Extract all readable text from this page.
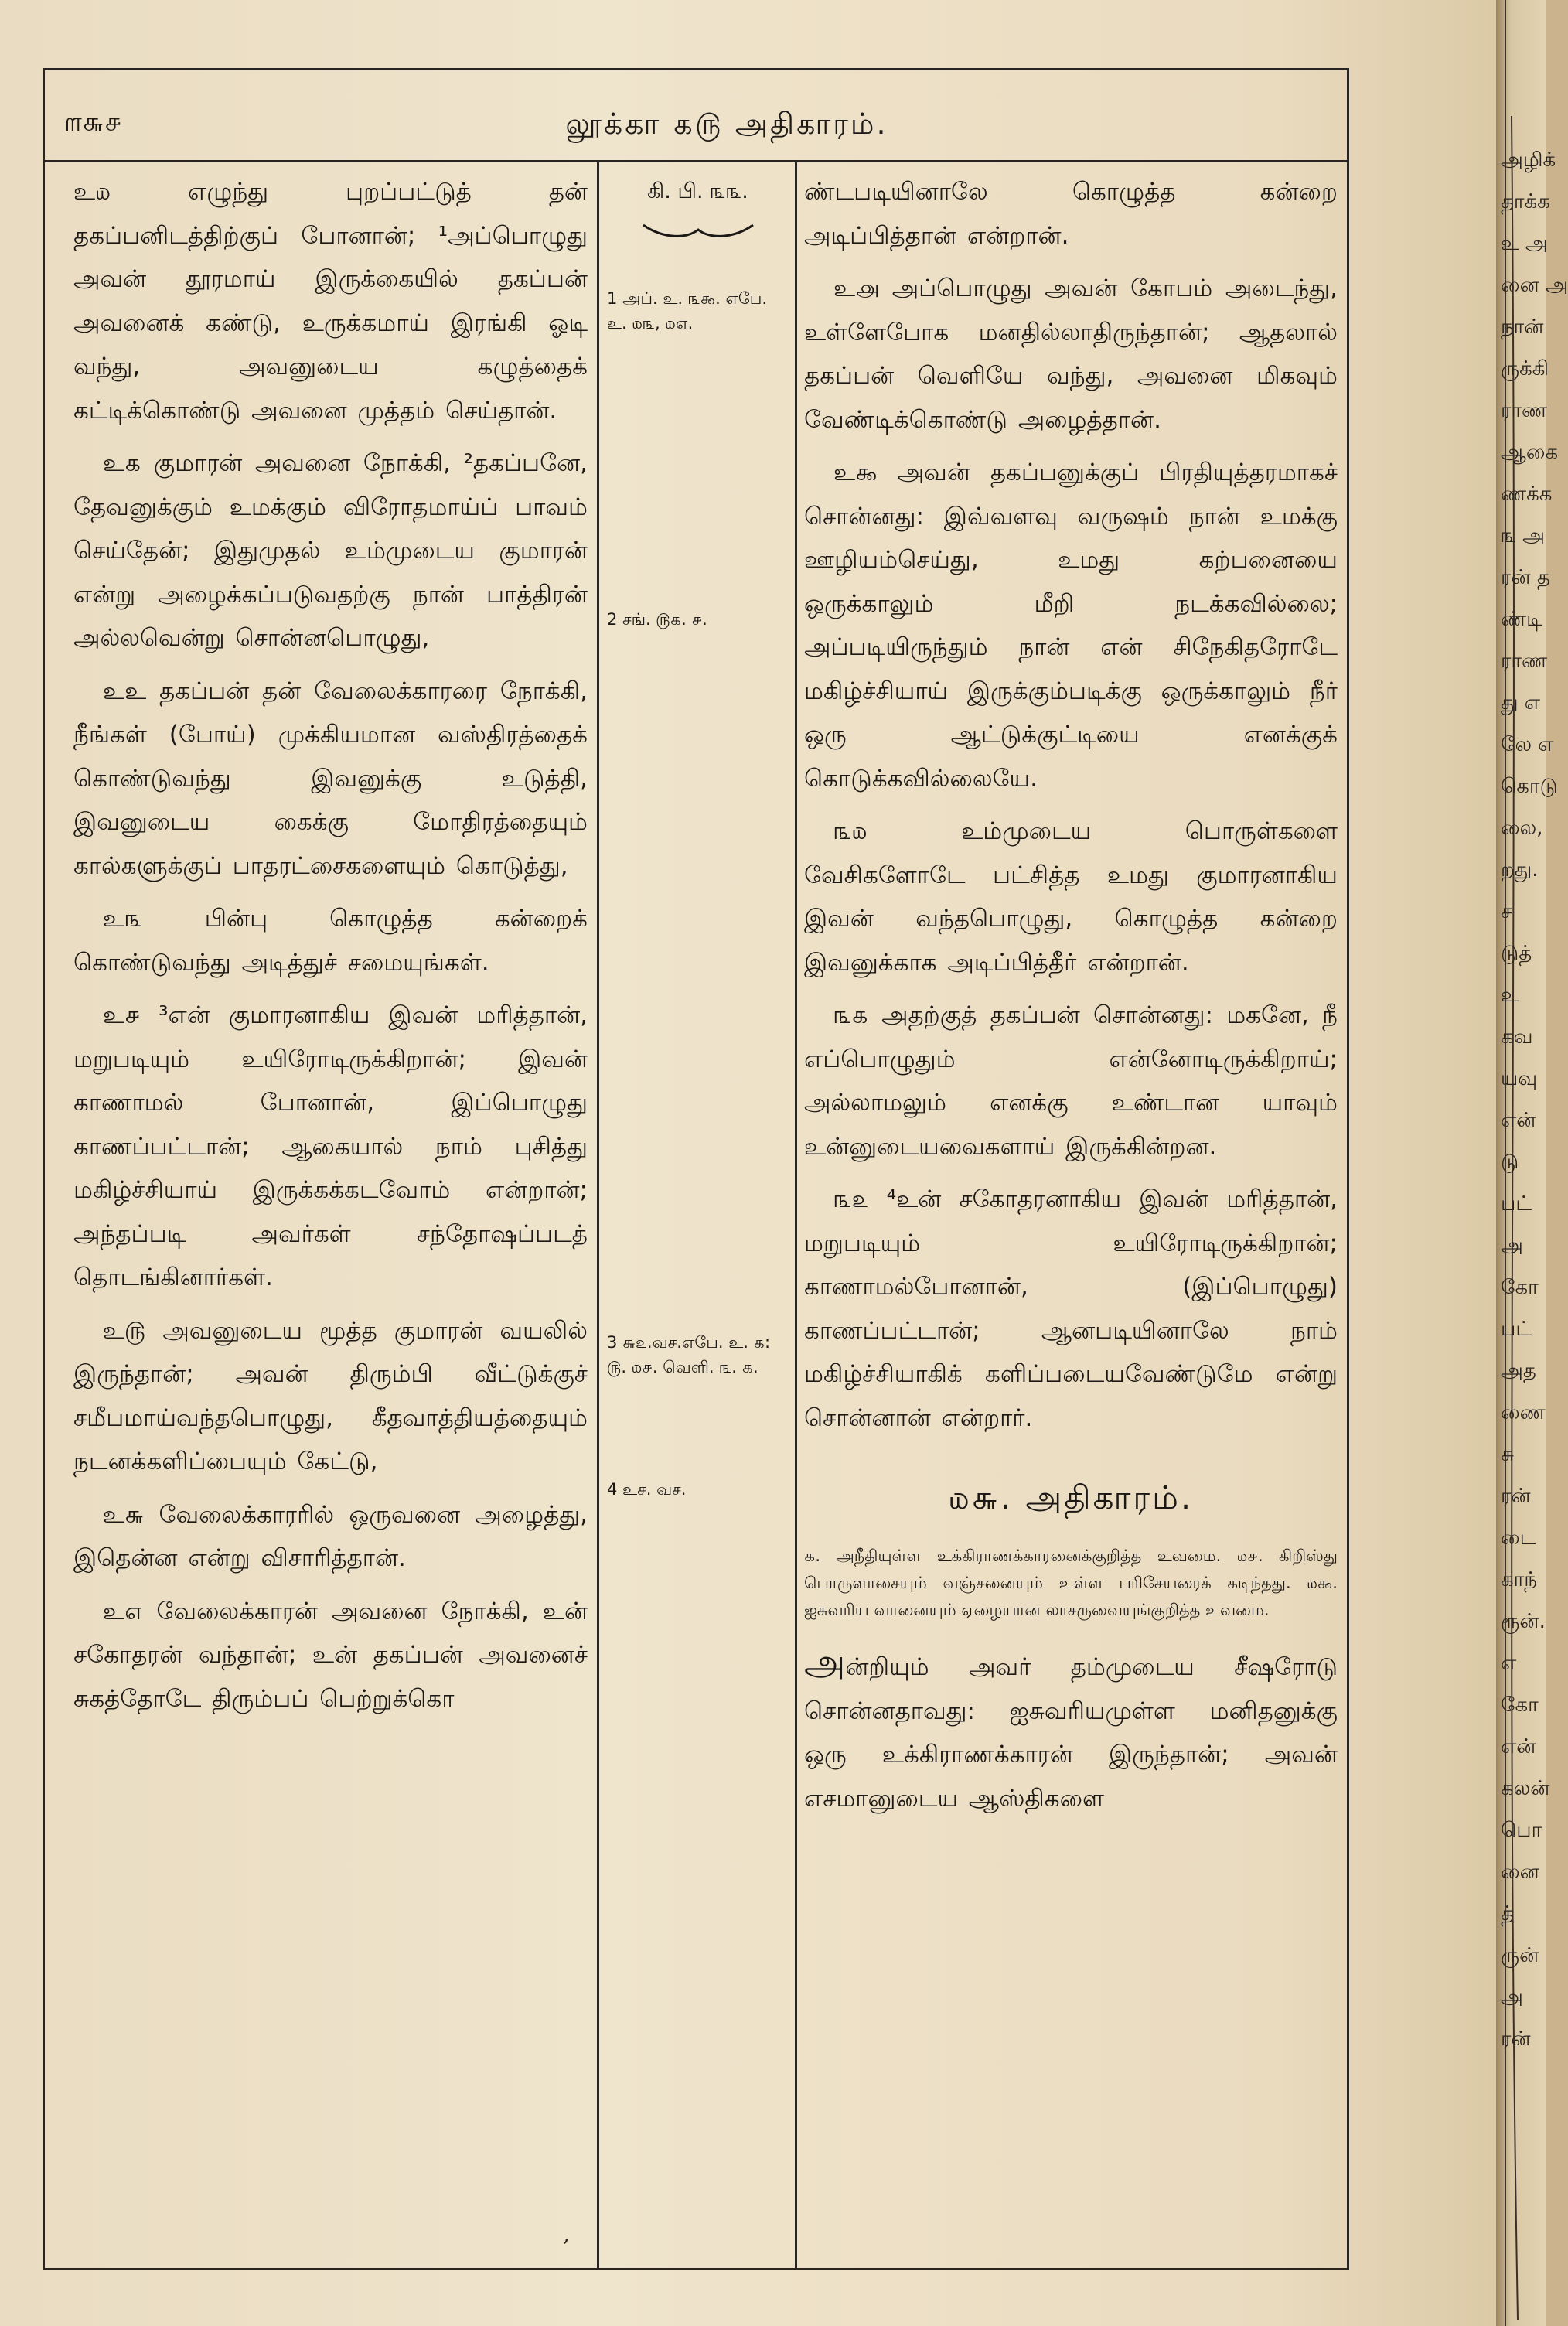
௱௬௪	லூக்கா ௧௫ அதிகாரம்.

உ௰ எழுந்து புறப்பட்டுத் தன் தகப்பனிடத்திற்குப் போனான்; ¹அப்பொழுது அவன் தூரமாய் இருக்கையில் தகப்பன் அவனைக் கண்டு, உருக்கமாய் இரங்கி ஓடி வந்து, அவனுடைய கழுத்தைக் கட்டிக்கொண்டு அவனை முத்தம் செய்தான்.

உ௧ குமாரன் அவனை நோக்கி, ²தகப்பனே, தேவனுக்கும் உமக்கும் விரோதமாய்ப் பாவம் செய்தேன்; இதுமுதல் உம்முடைய குமாரன் என்று அழைக்கப்படுவதற்கு நான் பாத்திரன் அல்லவென்று சொன்னபொழுது,

உஉ தகப்பன் தன் வேலைக்காரரை நோக்கி, நீங்கள் (போய்) முக்கியமான வஸ்திரத்தைக் கொண்டுவந்து இவனுக்கு உடுத்தி, இவனுடைய கைக்கு மோதிரத்தையும் கால்களுக்குப் பாதரட்சைகளையும் கொடுத்து,

உ௩ பின்பு கொழுத்த கன்றைக் கொண்டுவந்து அடித்துச் சமையுங்கள்.

உ௪ ³என் குமாரனாகிய இவன் மரித்தான், மறுபடியும் உயிரோடிருக்கிறான்; இவன் காணாமல் போனான், இப்பொழுது காணப்பட்டான்; ஆகையால் நாம் புசித்து மகிழ்ச்சியாய் இருக்கக்கடவோம் என்றான்; அந்தப்படி அவர்கள் சந்தோஷப்படத் தொடங்கினார்கள்.

உ௫ அவனுடைய மூத்த குமாரன் வயலில் இருந்தான்; அவன் திரும்பி வீட்டுக்குச் சமீபமாய்வந்தபொழுது, கீதவாத்தியத்தையும் நடனக்களிப்பையும் கேட்டு,

உ௬ வேலைக்காரரில் ஒருவனை அழைத்து, இதென்ன என்று விசாரித்தான்.

உ௭ வேலைக்காரன் அவனை நோக்கி, உன் சகோதரன் வந்தான்; உன் தகப்பன் அவனைச் சுகத்தோடே திரும்பப் பெற்றுக்கொ

கி. பி. ௩௩.
1 அப். உ. ௩௯. எபே. உ. ௰௩, ௰௭.
2 சங். ௫௧. ௪.
3 ௬௨.வச.எபே. உ. ௧: ௫. ௰௪. வெளி. ௩. ௧.
4 உச. வச.

ண்டபடியினாலே கொழுத்த கன்றை அடிப்பித்தான் என்றான்.

உ௮ அப்பொழுது அவன் கோபம் அடைந்து, உள்ளேபோக மனதில்லாதிருந்தான்; ஆதலால் தகப்பன் வெளியே வந்து, அவனை மிகவும் வேண்டிக்கொண்டு அழைத்தான்.

உ௯ அவன் தகப்பனுக்குப் பிரதியுத்தரமாகச் சொன்னது: இவ்வளவு வருஷம் நான் உமக்கு ஊழியம்செய்து, உமது கற்பனையை ஒருக்காலும் மீறி நடக்கவில்லை; அப்படியிருந்தும் நான் என் சிநேகிதரோடே மகிழ்ச்சியாய் இருக்கும்படிக்கு ஒருக்காலும் நீர் ஒரு ஆட்டுக்குட்டியை எனக்குக் கொடுக்கவில்லையே.

௩௰ உம்முடைய பொருள்களை வேசிகளோடே பட்சித்த உமது குமாரனாகிய இவன் வந்தபொழுது, கொழுத்த கன்றை இவனுக்காக அடிப்பித்தீர் என்றான்.

௩௧ அதற்குத் தகப்பன் சொன்னது: மகனே, நீ எப்பொழுதும் என்னோடிருக்கிறாய்; அல்லாமலும் எனக்கு உண்டான யாவும் உன்னுடையவைகளாய் இருக்கின்றன.

௩௨ ⁴உன் சகோதரனாகிய இவன் மரித்தான், மறுபடியும் உயிரோடிருக்கிறான்; காணாமல்போனான், (இப்பொழுது) காணப்பட்டான்; ஆனபடியினாலே நாம் மகிழ்ச்சியாகிக் களிப்படையவேண்டுமே என்று சொன்னான் என்றார்.

௰௬. அதிகாரம்.

௧. அநீதியுள்ள உக்கிராணக்காரனைக்குறித்த உவமை. ௰௪. கிறிஸ்து பொருளாசையும் வஞ்சனையும் உள்ள பரிசேயரைக் கடிந்தது. ௰௯. ஐசுவரிய வானையும் ஏழையான லாசருவையுங்குறித்த உவமை.

அன்றியும் அவர் தம்முடைய சீஷரோடு சொன்னதாவது: ஐசுவரியமுள்ள மனிதனுக்கு ஒரு உக்கிராணக்காரன் இருந்தான்; அவன் எசமானுடைய ஆஸ்திகளை

‚
அழிக்
தாக்க
உ அ
னை அ
நான்
ருக்கி
ராண
ஆகை
ணக்க
௩ அ
ரன் த
ண்டி
ராண
து எ
லே எ
கொடு
லை,
றது.
ச
டுத்
உ
கவ
யவு
என்
டு
பட்
அ
கோ
பட்
அத
ணை
சு
ரன்
டை
காந்
ரூன்.
எ
கோ
என்
கலன்
பொ
னை
த்
ருன்
அ
ரன்
